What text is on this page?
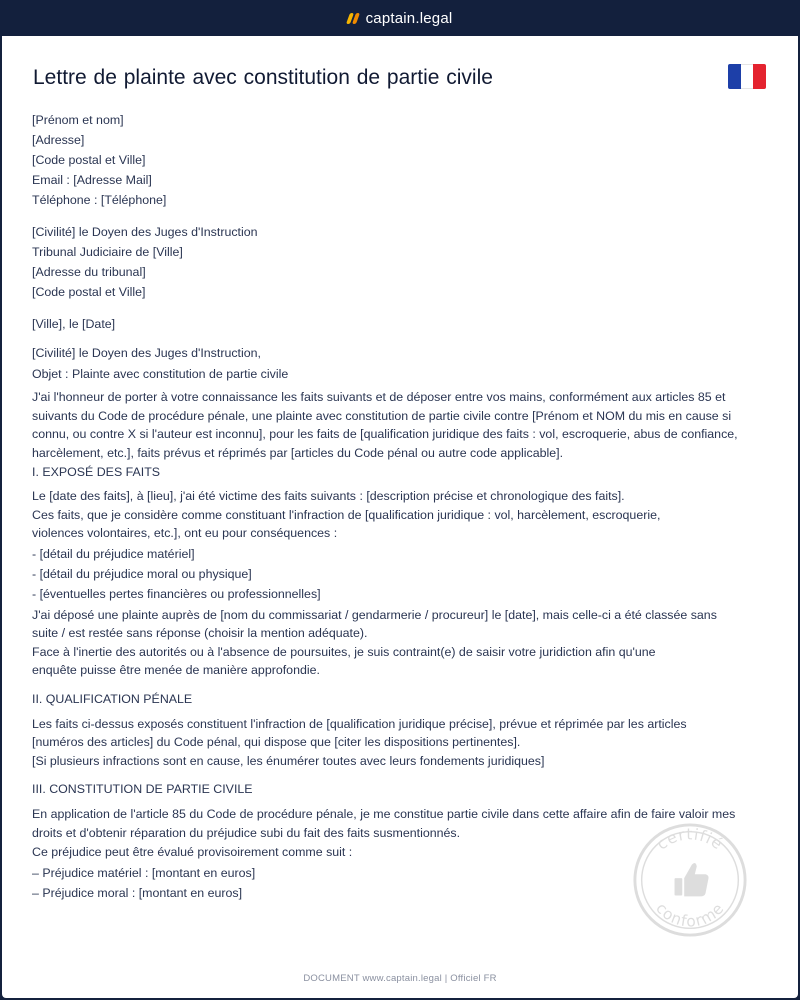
captain.legal
Lettre de plainte avec constitution de partie civile

[Prénom et nom]

[Adresse]

[Code postal et Ville]

Email : [Adresse Mail]

Téléphone : [Téléphone]

[Civilité] le Doyen des Juges d'Instruction

Tribunal Judiciaire de [Ville]

[Adresse du tribunal]

[Code postal et Ville]

[Ville], le [Date]

[Civilité] le Doyen des Juges d'Instruction,

Objet : Plainte avec constitution de partie civile

J'ai l'honneur de porter à votre connaissance les faits suivants et de déposer entre vos mains, conformément aux articles 85 et suivants du Code de procédure pénale, une plainte avec constitution de partie civile contre [Prénom et NOM du mis en cause si connu, ou contre X si l'auteur est inconnu], pour les faits de [qualification juridique des faits : vol, escroquerie, abus de confiance, harcèlement, etc.], faits prévus et réprimés par [articles du Code pénal ou autre code applicable].

I. EXPOSÉ DES FAITS

Le [date des faits], à [lieu], j'ai été victime des faits suivants : [description précise et chronologique des faits].

Ces faits, que je considère comme constituant l'infraction de [qualification juridique : vol, harcèlement, escroquerie, violences volontaires, etc.], ont eu pour conséquences :

- [détail du préjudice matériel]

- [détail du préjudice moral ou physique]

- [éventuelles pertes financières ou professionnelles]

J'ai déposé une plainte auprès de [nom du commissariat / gendarmerie / procureur] le [date], mais celle-ci a été classée sans suite / est restée sans réponse (choisir la mention adéquate).

Face à l'inertie des autorités ou à l'absence de poursuites, je suis contraint(e) de saisir votre juridiction afin qu'une enquête puisse être menée de manière approfondie.

II. QUALIFICATION PÉNALE

Les faits ci-dessus exposés constituent l'infraction de [qualification juridique précise], prévue et réprimée par les articles [numéros des articles] du Code pénal, qui dispose que [citer les dispositions pertinentes].

[Si plusieurs infractions sont en cause, les énumérer toutes avec leurs fondements juridiques]

III. CONSTITUTION DE PARTIE CIVILE

En application de l'article 85 du Code de procédure pénale, je me constitue partie civile dans cette affaire afin de faire valoir mes droits et d'obtenir réparation du préjudice subi du fait des faits susmentionnés.

Ce préjudice peut être évalué provisoirement comme suit :

– Préjudice matériel : [montant en euros]

– Préjudice moral : [montant en euros]

certifié
conforme
DOCUMENT www.captain.legal | Officiel FR
